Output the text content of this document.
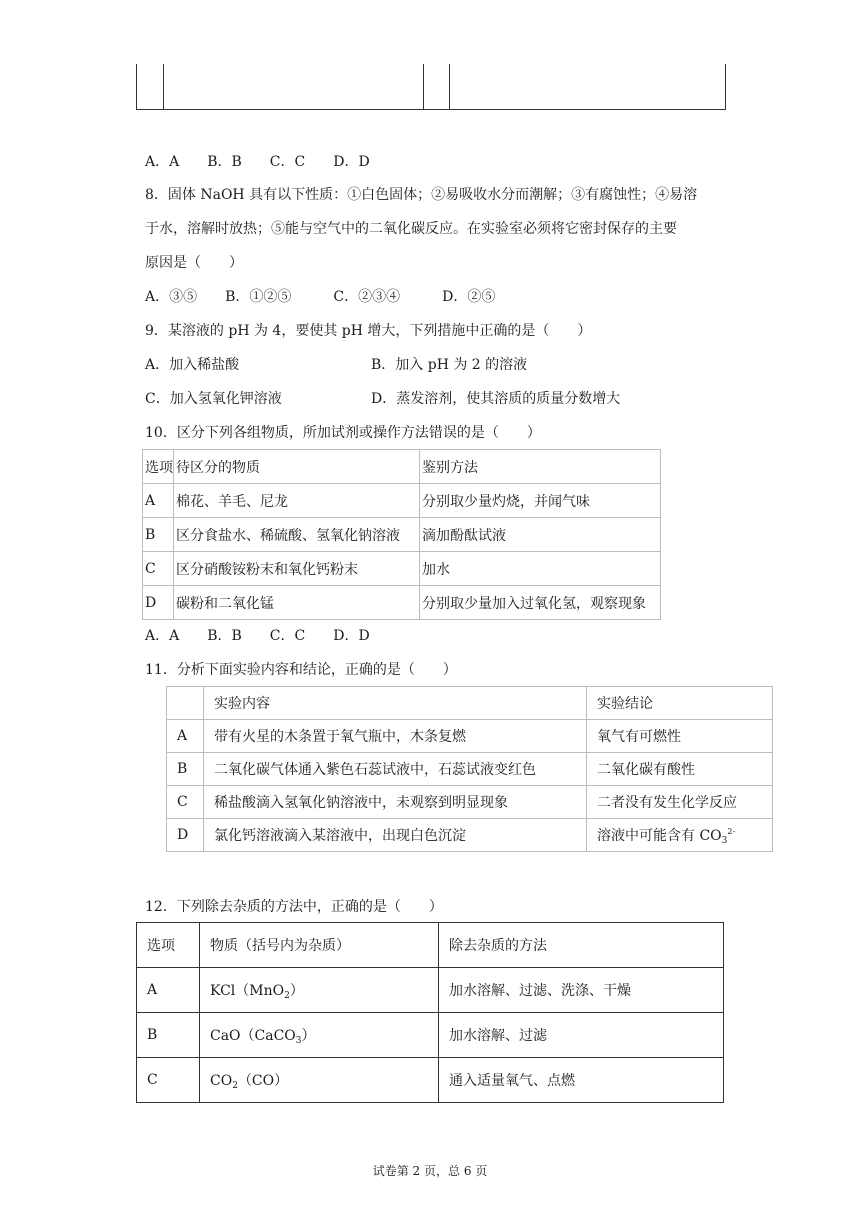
A．A　　B．B　　C．C　　D．D
8．固体 NaOH 具有以下性质：①白色固体；②易吸收水分而潮解；③有腐蚀性；④易溶
于水，溶解时放热；⑤能与空气中的二氧化碳反应。在实验室必须将它密封保存的主要
原因是（　　）
A．③⑤　　B．①②⑤　　　C．②③④　　　D．②⑤
9．某溶液的 pH 为 4，要使其 pH 增大，下列措施中正确的是（　　）
A．加入稀盐酸	B．加入 pH 为 2 的溶液
C．加入氢氧化钾溶液	D．蒸发溶剂，使其溶质的质量分数增大
10．区分下列各组物质，所加试剂或操作方法错误的是（　　）
选项	待区分的物质	鉴别方法
A	棉花、羊毛、尼龙	分别取少量灼烧，并闻气味
B	区分食盐水、稀硫酸、氢氧化钠溶液	滴加酚酞试液
C	区分硝酸铵粉末和氧化钙粉末	加水
D	碳粉和二氧化锰	分别取少量加入过氧化氢，观察现象
A．A　　B．B　　C．C　　D．D
11．分析下面实验内容和结论，正确的是（　　）
	实验内容	实验结论
A	带有火星的木条置于氧气瓶中，木条复燃	氧气有可燃性
B	二氧化碳气体通入紫色石蕊试液中，石蕊试液变红色	二氧化碳有酸性
C	稀盐酸滴入氢氧化钠溶液中，未观察到明显现象	二者没有发生化学反应
D	氯化钙溶液滴入某溶液中，出现白色沉淀	溶液中可能含有 $CO_3^{2-}$
12．下列除去杂质的方法中，正确的是（　　）
选项	物质（括号内为杂质）	除去杂质的方法
A	KCl（MnO$_2$）	加水溶解、过滤、洗涤、干燥
B	CaO（CaCO$_3$）	加水溶解、过滤
C	$CO_2(CO)$	通入适量氧气、点燃
试卷第 2 页，总 6 页
